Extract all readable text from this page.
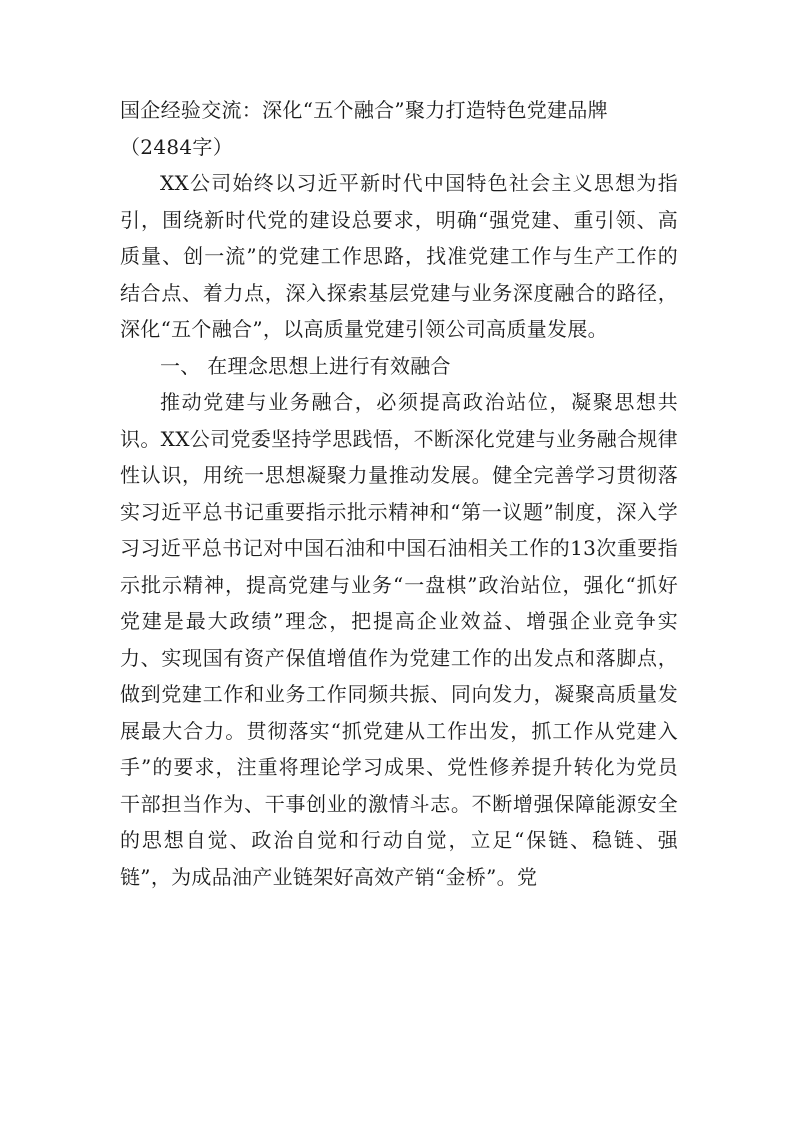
国企经验交流：深化“五个融合”聚力打造特色党建品牌（2484字）

XX公司始终以习近平新时代中国特色社会主义思想为指引，围绕新时代党的建设总要求，明确“强党建、重引领、高质量、创一流”的党建工作思路，找准党建工作与生产工作的结合点、着力点，深入探索基层党建与业务深度融合的路径，深化“五个融合”，以高质量党建引领公司高质量发展。

一、 在理念思想上进行有效融合

推动党建与业务融合，必须提高政治站位，凝聚思想共识。XX公司党委坚持学思践悟，不断深化党建与业务融合规律性认识，用统一思想凝聚力量推动发展。健全完善学习贯彻落实习近平总书记重要指示批示精神和“第一议题”制度，深入学习习近平总书记对中国石油和中国石油相关工作的13次重要指示批示精神，提高党建与业务“一盘棋”政治站位，强化“抓好党建是最大政绩”理念，把提高企业效益、增强企业竞争实力、实现国有资产保值增值作为党建工作的出发点和落脚点，做到党建工作和业务工作同频共振、同向发力，凝聚高质量发展最大合力。贯彻落实“抓党建从工作出发，抓工作从党建入手”的要求，注重将理论学习成果、党性修养提升转化为党员干部担当作为、干事创业的激情斗志。不断增强保障能源安全的思想自觉、政治自觉和行动自觉，立足“保链、稳链、强链”，为成品油产业链架好高效产销“金桥”。党
